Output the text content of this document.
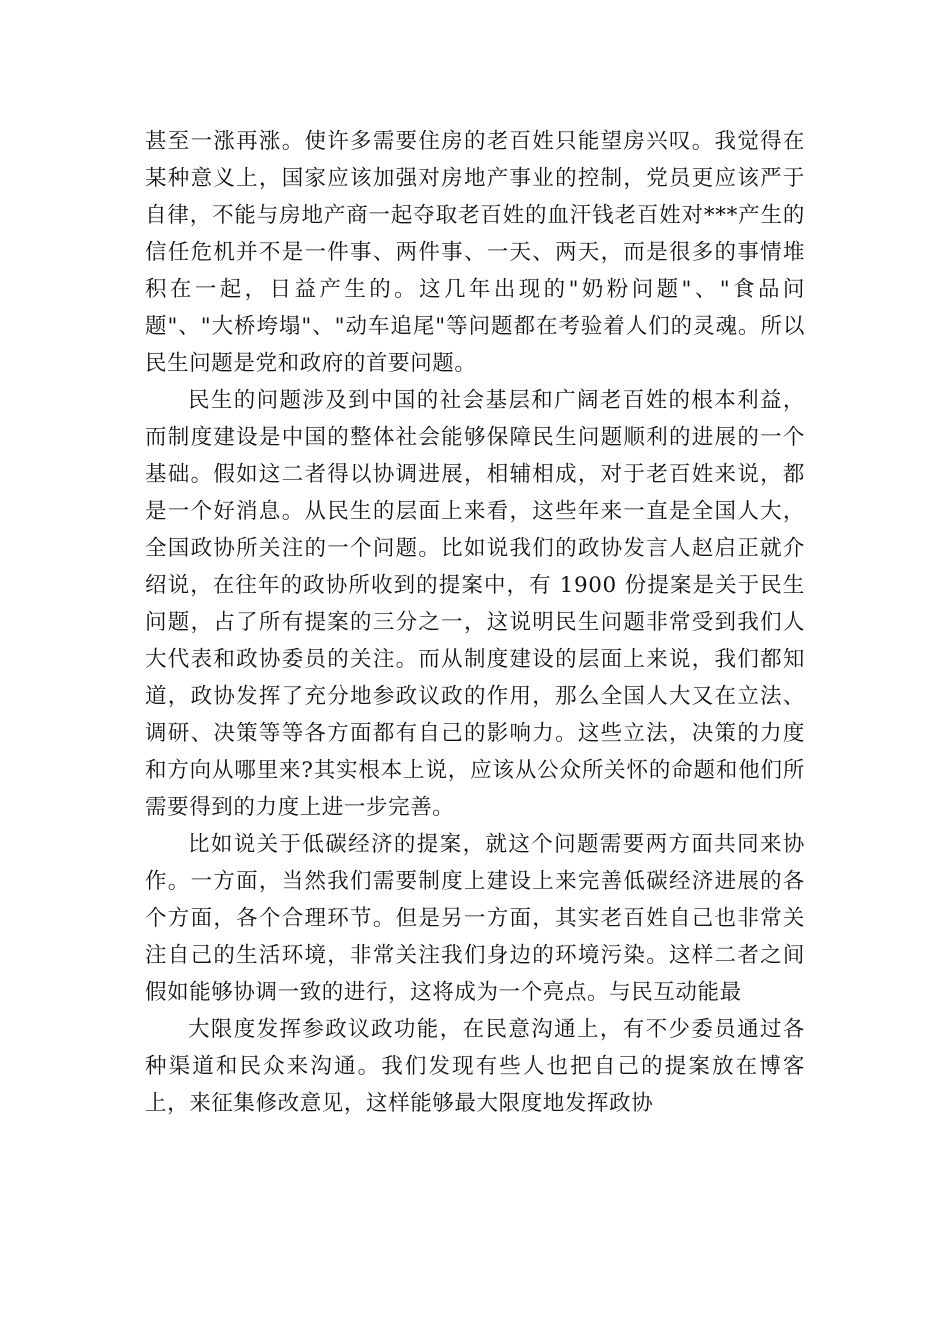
甚至一涨再涨。使许多需要住房的老百姓只能望房兴叹。我觉得在某种意义上，国家应该加强对房地产事业的控制，党员更应该严于自律，不能与房地产商一起夺取老百姓的血汗钱老百姓对***产生的信任危机并不是一件事、两件事、一天、两天，而是很多的事情堆积在一起，日益产生的。这几年出现的"奶粉问题"、"食品问题"、"大桥垮塌"、"动车追尾"等问题都在考验着人们的灵魂。所以民生问题是党和政府的首要问题。

民生的问题涉及到中国的社会基层和广阔老百姓的根本利益，而制度建设是中国的整体社会能够保障民生问题顺利的进展的一个基础。假如这二者得以协调进展，相辅相成，对于老百姓来说，都是一个好消息。从民生的层面上来看，这些年来一直是全国人大，全国政协所关注的一个问题。比如说我们的政协发言人赵启正就介绍说，在往年的政协所收到的提案中，有 1900 份提案是关于民生问题，占了所有提案的三分之一，这说明民生问题非常受到我们人大代表和政协委员的关注。而从制度建设的层面上来说，我们都知道，政协发挥了充分地参政议政的作用，那么全国人大又在立法、调研、决策等等各方面都有自己的影响力。这些立法，决策的力度和方向从哪里来?其实根本上说，应该从公众所关怀的命题和他们所需要得到的力度上进一步完善。

比如说关于低碳经济的提案，就这个问题需要两方面共同来协作。一方面，当然我们需要制度上建设上来完善低碳经济进展的各个方面，各个合理环节。但是另一方面，其实老百姓自己也非常关注自己的生活环境，非常关注我们身边的环境污染。这样二者之间假如能够协调一致的进行，这将成为一个亮点。与民互动能最

大限度发挥参政议政功能，在民意沟通上，有不少委员通过各种渠道和民众来沟通。我们发现有些人也把自己的提案放在博客上，来征集修改意见，这样能够最大限度地发挥政协
